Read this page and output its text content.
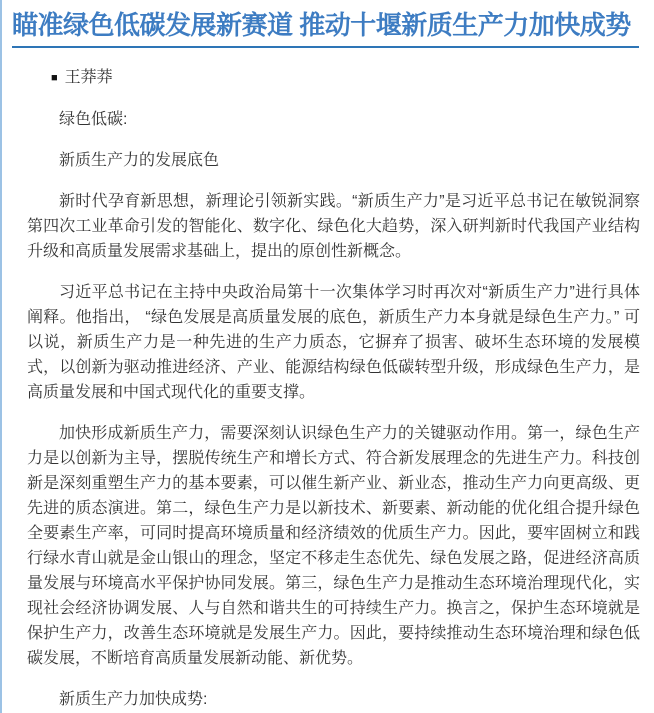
瞄准绿色低碳发展新赛道 推动十堰新质生产力加快成势

■ 王莽莽

绿色低碳:

新质生产力的发展底色

新时代孕育新思想，新理论引领新实践。“新质生产力”是习近平总书记在敏锐洞察第四次工业革命引发的智能化、数字化、绿色化大趋势，深入研判新时代我国产业结构升级和高质量发展需求基础上，提出的原创性新概念。

习近平总书记在主持中央政治局第十一次集体学习时再次对“新质生产力”进行具体阐释。他指出， “绿色发展是高质量发展的底色，新质生产力本身就是绿色生产力。” 可以说，新质生产力是一种先进的生产力质态，它摒弃了损害、破坏生态环境的发展模式，以创新为驱动推进经济、产业、能源结构绿色低碳转型升级，形成绿色生产力，是高质量发展和中国式现代化的重要支撑。

加快形成新质生产力，需要深刻认识绿色生产力的关键驱动作用。第一，绿色生产力是以创新为主导，摆脱传统生产和增长方式、符合新发展理念的先进生产力。科技创新是深刻重塑生产力的基本要素，可以催生新产业、新业态，推动生产力向更高级、更先进的质态演进。第二，绿色生产力是以新技术、新要素、新动能的优化组合提升绿色全要素生产率，可同时提高环境质量和经济绩效的优质生产力。因此，要牢固树立和践行绿水青山就是金山银山的理念，坚定不移走生态优先、绿色发展之路，促进经济高质量发展与环境高水平保护协同发展。第三，绿色生产力是推动生态环境治理现代化，实现社会经济协调发展、人与自然和谐共生的可持续生产力。换言之，保护生态环境就是保护生产力，改善生态环境就是发展生产力。因此，要持续推动生态环境治理和绿色低碳发展，不断培育高质量发展新动能、新优势。

新质生产力加快成势:
